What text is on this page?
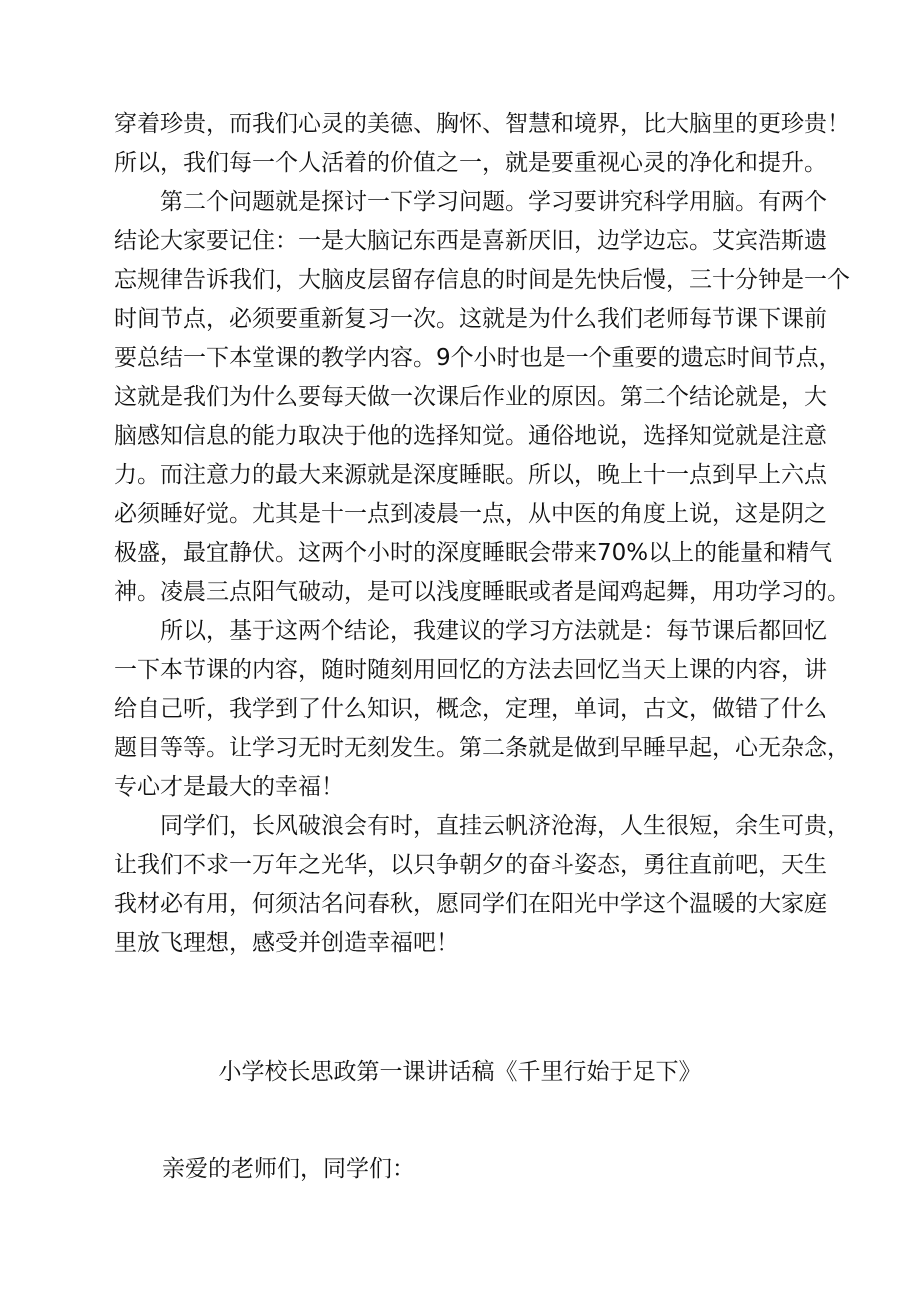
穿着珍贵，而我们心灵的美德、胸怀、智慧和境界，比大脑里的更珍贵！
所以，我们每一个人活着的价值之一，就是要重视心灵的净化和提升。
第二个问题就是探讨一下学习问题。学习要讲究科学用脑。有两个
结论大家要记住：一是大脑记东西是喜新厌旧，边学边忘。艾宾浩斯遗
忘规律告诉我们，大脑皮层留存信息的时间是先快后慢，三十分钟是一个
时间节点，必须要重新复习一次。这就是为什么我们老师每节课下课前
要总结一下本堂课的教学内容。9个小时也是一个重要的遗忘时间节点，
这就是我们为什么要每天做一次课后作业的原因。第二个结论就是，大
脑感知信息的能力取决于他的选择知觉。通俗地说，选择知觉就是注意
力。而注意力的最大来源就是深度睡眠。所以，晚上十一点到早上六点
必须睡好觉。尤其是十一点到凌晨一点，从中医的角度上说，这是阴之
极盛，最宜静伏。这两个小时的深度睡眠会带来70%以上的能量和精气
神。凌晨三点阳气破动，是可以浅度睡眠或者是闻鸡起舞，用功学习的。
所以，基于这两个结论，我建议的学习方法就是：每节课后都回忆
一下本节课的内容，随时随刻用回忆的方法去回忆当天上课的内容，讲
给自己听，我学到了什么知识，概念，定理，单词，古文，做错了什么
题目等等。让学习无时无刻发生。第二条就是做到早睡早起，心无杂念，
专心才是最大的幸福！
同学们，长风破浪会有时，直挂云帆济沧海，人生很短，余生可贵，
让我们不求一万年之光华，以只争朝夕的奋斗姿态，勇往直前吧，天生
我材必有用，何须沽名问春秋，愿同学们在阳光中学这个温暖的大家庭
里放飞理想，感受并创造幸福吧！
小学校长思政第一课讲话稿《千里行始于足下》
亲爱的老师们，同学们：
